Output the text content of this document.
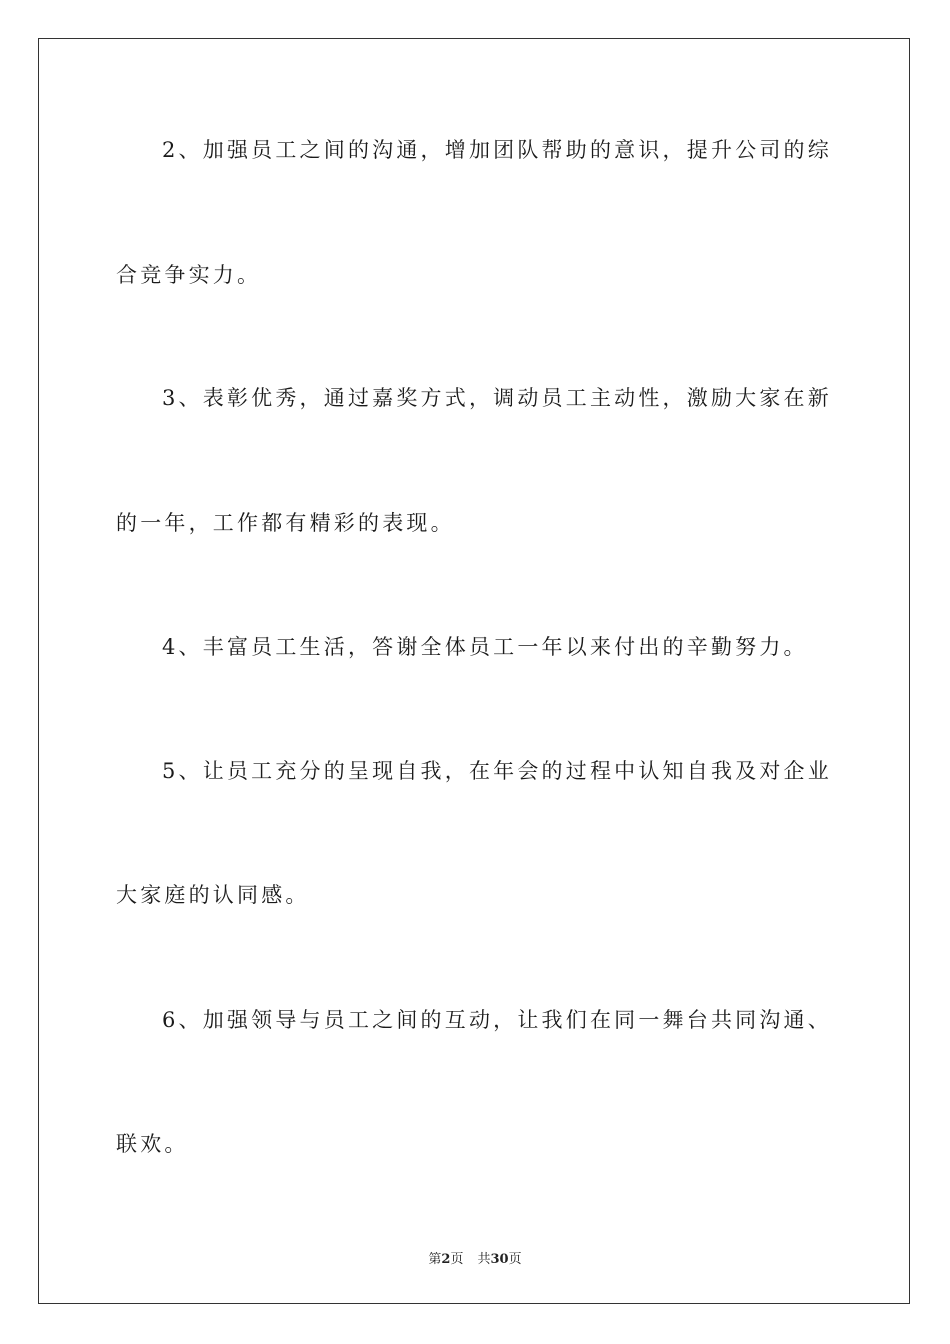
2、加强员工之间的沟通，增加团队帮助的意识，提升公司的综
合竞争实力。
3、表彰优秀，通过嘉奖方式，调动员工主动性，激励大家在新
的一年，工作都有精彩的表现。
4、丰富员工生活，答谢全体员工一年以来付出的辛勤努力。
5、让员工充分的呈现自我，在年会的过程中认知自我及对企业
大家庭的认同感。
6、加强领导与员工之间的互动，让我们在同一舞台共同沟通、
联欢。
第2页 共30页
